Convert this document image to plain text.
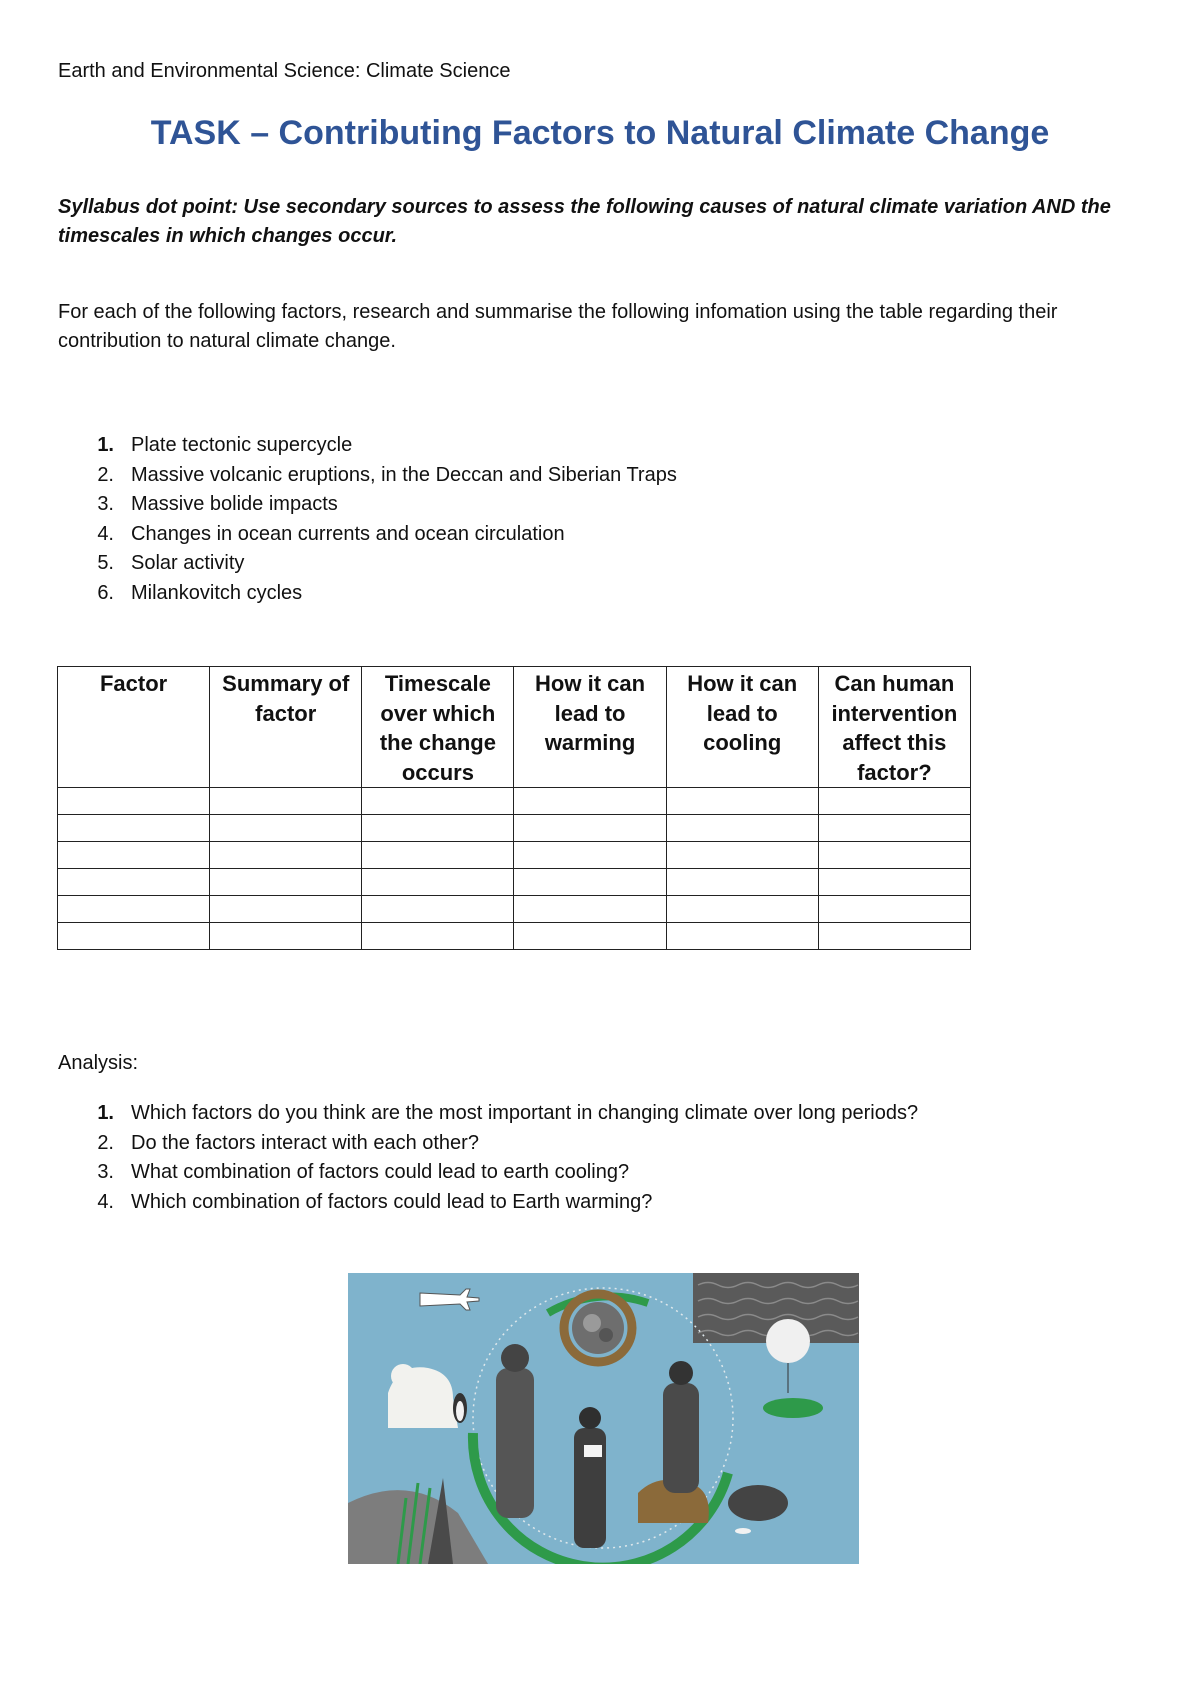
Earth and Environmental Science: Climate Science
TASK – Contributing Factors to Natural Climate Change
Syllabus dot point: Use secondary sources to assess the following causes of natural climate variation AND the timescales in which changes occur.
For each of the following factors, research and summarise the following infomation using the table regarding their contribution to natural climate change.
1. Plate tectonic supercycle
2. Massive volcanic eruptions, in the Deccan and Siberian Traps
3. Massive bolide impacts
4. Changes in ocean currents and ocean circulation
5. Solar activity
6. Milankovitch cycles
Factor	Summary of factor	Timescale over which the change occurs	How it can lead to warming	How it can lead to cooling	Can human intervention affect this factor?

Analysis:
1. Which factors do you think are the most important in changing climate over long periods?
2. Do the factors interact with each other?
3. What combination of factors could lead to earth cooling?
4. Which combination of factors could lead to Earth warming?
